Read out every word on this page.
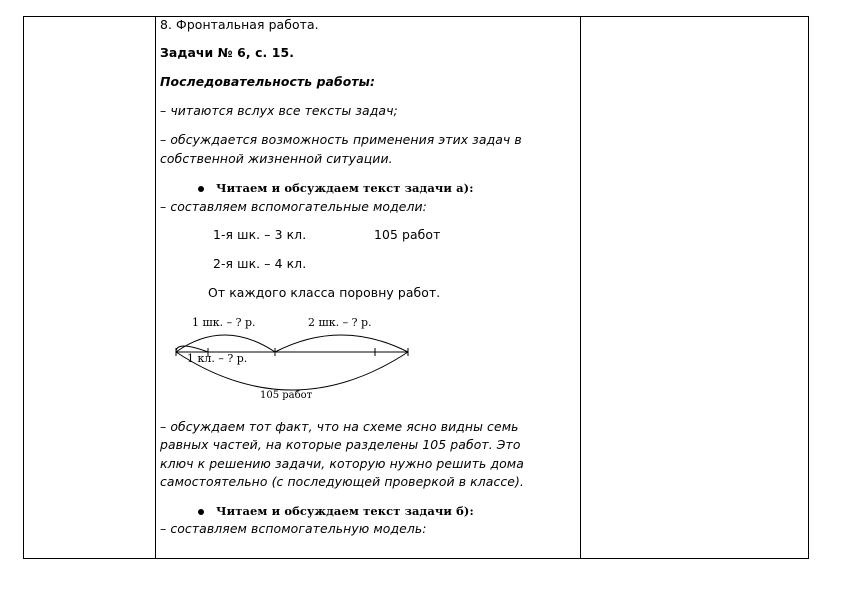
8. Фронтальная работа.
Задачи № 6, с. 15.
Последовательность работы:
– читаются вслух все тексты задач;
– обсуждается возможность применения этих задач в
собственной жизненной ситуации.
Читаем и обсуждаем текст задачи а):
– составляем вспомогательные модели:
1-я шк. – 3 кл.	105 работ
2-я шк. – 4 кл.
От каждого класса поровну работ.
1 шк. – ? р.	2 шк. – ? р.
1 кл. – ? р.
105 работ
– обсуждаем тот факт, что на схеме ясно видны семь
равных частей, на которые разделены 105 работ. Это
ключ к решению задачи, которую нужно решить дома
самостоятельно (с последующей проверкой в классе).
Читаем и обсуждаем текст задачи б):
– составляем вспомогательную модель:
